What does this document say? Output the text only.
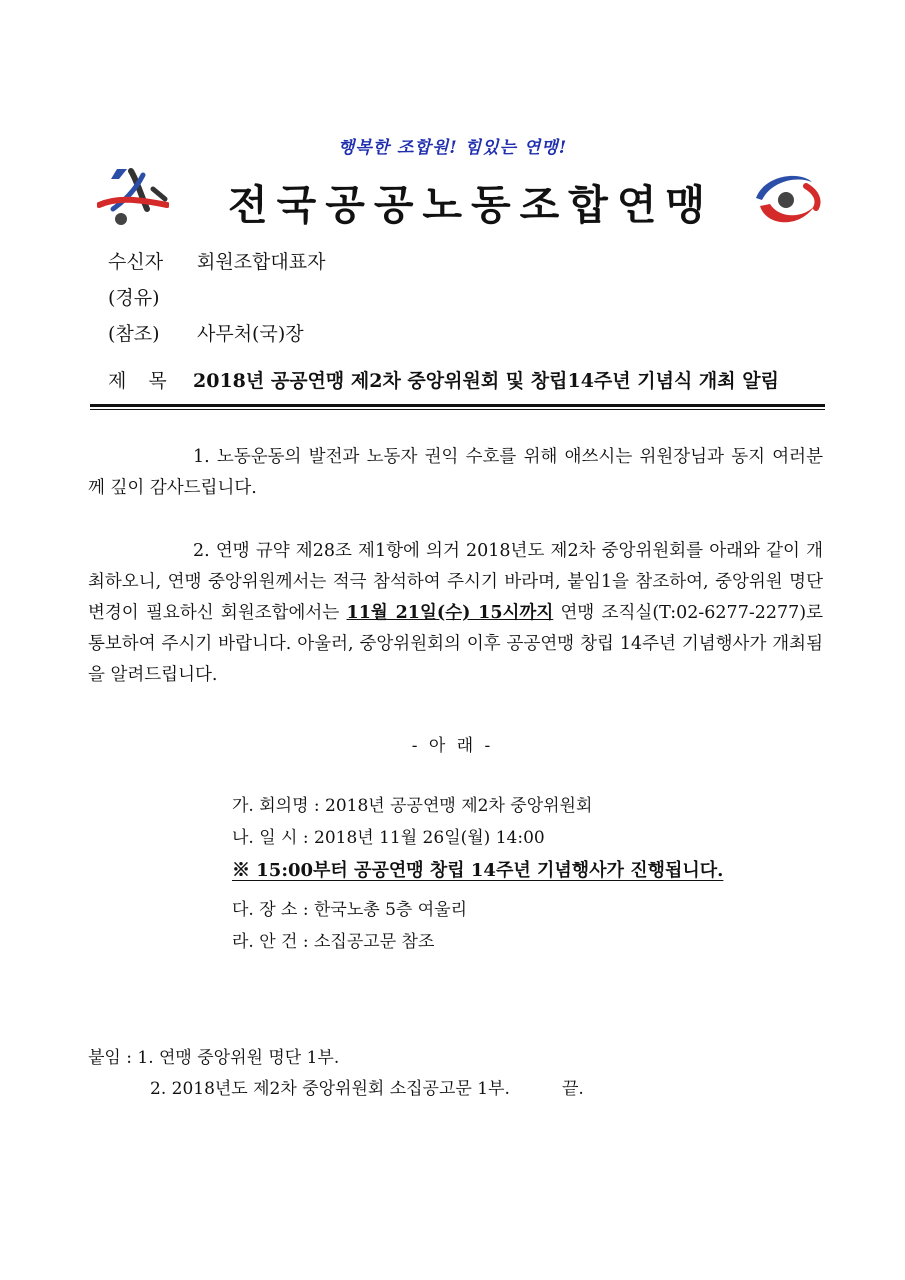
행복한 조합원! 힘있는 연맹!
전국공공노동조합연맹
수신자 회원조합대표자
(경유)
(참조) 사무처(국)장
제 목 2018년 공공연맹 제2차 중앙위원회 및 창립14주년 기념식 개최 알림

1. 노동운동의 발전과 노동자 권익 수호를 위해 애쓰시는 위원장님과 동지 여러분께 깊이 감사드립니다.

2. 연맹 규약 제28조 제1항에 의거 2018년도 제2차 중앙위원회를 아래와 같이 개최하오니, 연맹 중앙위원께서는 적극 참석하여 주시기 바라며, 붙임1을 참조하여, 중앙위원 명단 변경이 필요하신 회원조합에서는 11월 21일(수) 15시까지 연맹 조직실(T:02-6277-2277)로 통보하여 주시기 바랍니다. 아울러, 중앙위원회의 이후 공공연맹 창립 14주년 기념행사가 개최됨을 알려드립니다.

- 아 래 -
가. 회의명 : 2018년 공공연맹 제2차 중앙위원회
나. 일 시 : 2018년 11월 26일(월) 14:00
※ 15:00부터 공공연맹 창립 14주년 기념행사가 진행됩니다.
다. 장 소 : 한국노총 5층 여울리
라. 안 건 : 소집공고문 참조
붙임 : 1. 연맹 중앙위원 명단 1부.
2. 2018년도 제2차 중앙위원회 소집공고문 1부.	끝.
